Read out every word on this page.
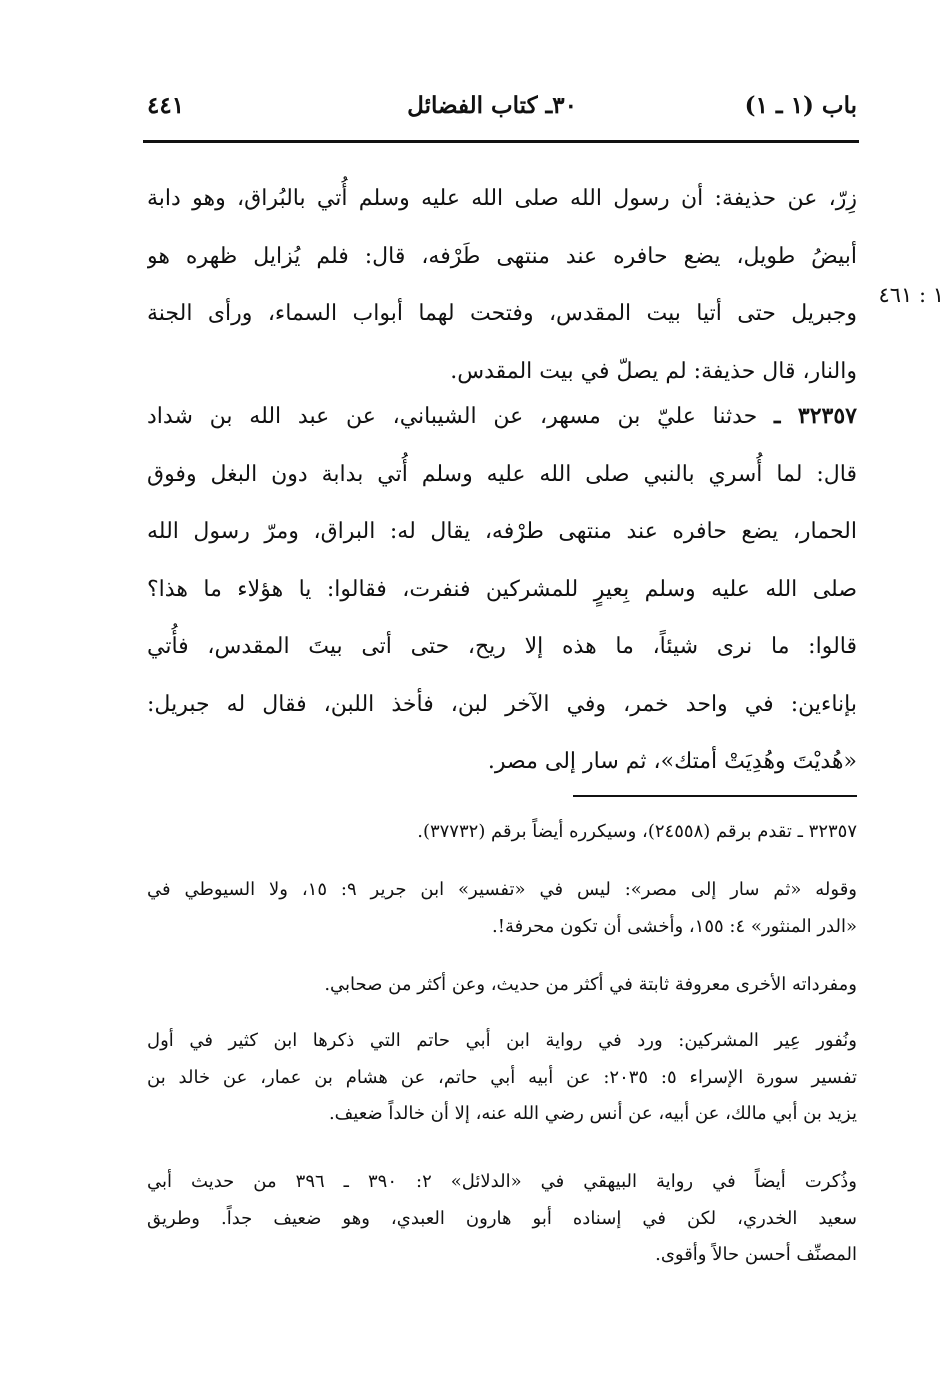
باب (١ ـ ١)
٣٠ـ كتاب الفضائل
٤٤١
١ : ٤٦١
زِرّ، عن حذيفة: أن رسول الله صلى الله عليه وسلم أُتي بالبُراق، وهو دابة
أبيضُ طويل، يضع حافره عند منتهى طَرْفه، قال: فلم يُزايل ظهره هو
وجبريل حتى أتيا بيت المقدس، وفتحت لهما أبواب السماء، ورأى الجنة
والنار، قال حذيفة: لم يصلّ في بيت المقدس.
٣٢٣٥٧ ـ حدثنا عليّ بن مسهر، عن الشيباني، عن عبد الله بن شداد
قال: لما أُسري بالنبي صلى الله عليه وسلم أُتي بدابة دون البغل وفوق
الحمار، يضع حافره عند منتهى طرْفه، يقال له: البراق، ومرّ رسول الله
صلى الله عليه وسلم بِعيرٍ للمشركين فنفرت، فقالوا: يا هؤلاء ما هذا؟
قالوا: ما نرى شيئاً، ما هذه إلا ريح، حتى أتى بيتَ المقدس، فأُتي
بإناءين: في واحد خمر، وفي الآخر لبن، فأخذ اللبن، فقال له جبريل:
«هُديْتَ وهُدِيَتْ أمتك»، ثم سار إلى مصر.
٣٢٣٥٧ ـ تقدم برقم (٢٤٥٥٨)، وسيكرره أيضاً برقم (٣٧٧٣٢).
وقوله «ثم سار إلى مصر»: ليس في «تفسير» ابن جرير ٩: ١٥، ولا السيوطي في
«الدر المنثور» ٤: ١٥٥، وأخشى أن تكون محرفة!.
ومفرداته الأخرى معروفة ثابتة في أكثر من حديث، وعن أكثر من صحابي.
ونُفور عِير المشركين: ورد في رواية ابن أبي حاتم التي ذكرها ابن كثير في أول
تفسير سورة الإسراء ٥: ٢٠٣٥: عن أبيه أبي حاتم، عن هشام بن عمار، عن خالد بن
يزيد بن أبي مالك، عن أبيه، عن أنس رضي الله عنه، إلا أن خالداً ضعيف.
وذُكرت أيضاً في رواية البيهقي في «الدلائل» ٢: ٣٩٠ ـ ٣٩٦ من حديث أبي
سعيد الخدري، لكن في إسناده أبو هارون العبدي، وهو ضعيف جداً. وطريق
المصنِّف أحسن حالاً وأقوى.
